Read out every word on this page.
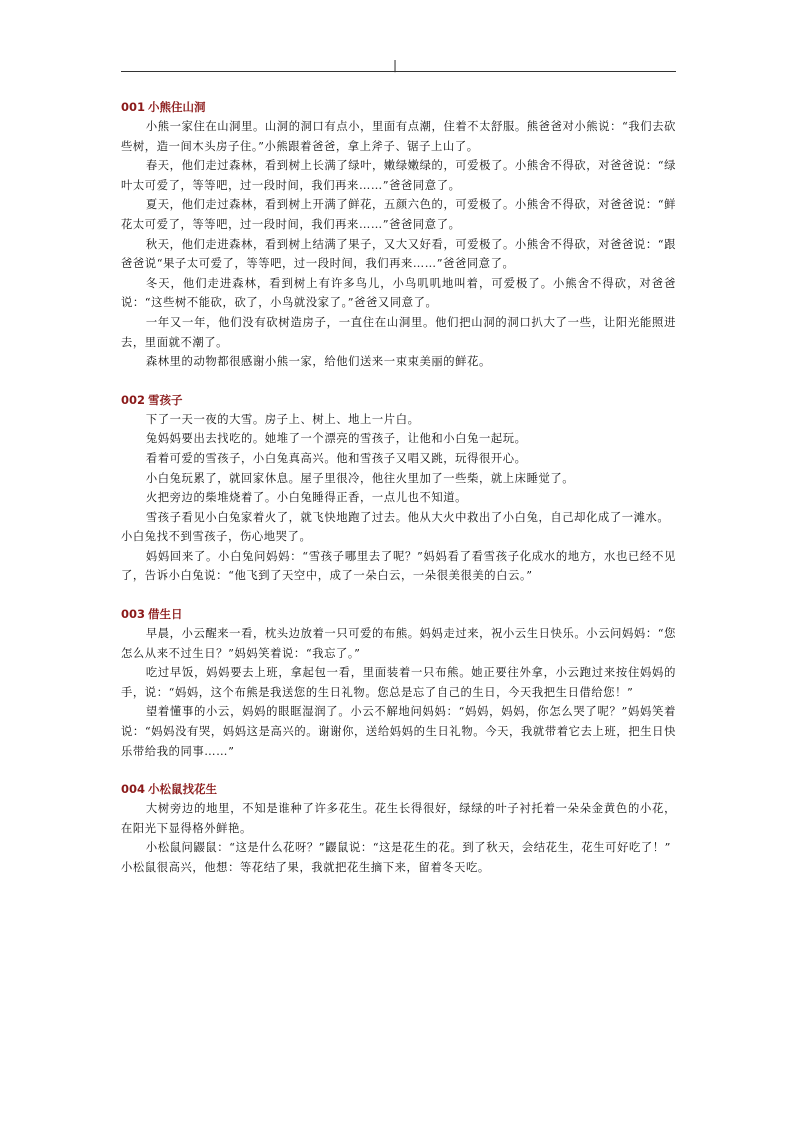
|
001 小熊住山洞

小熊一家住在山洞里。山洞的洞口有点小，里面有点潮，住着不太舒服。熊爸爸对小熊说：“我们去砍些树，造一间木头房子住。”小熊跟着爸爸，拿上斧子、锯子上山了。

春天，他们走过森林，看到树上长满了绿叶，嫩绿嫩绿的，可爱极了。小熊舍不得砍，对爸爸说：“绿叶太可爱了，等等吧，过一段时间，我们再来……”爸爸同意了。

夏天，他们走过森林，看到树上开满了鲜花，五颜六色的，可爱极了。小熊舍不得砍，对爸爸说：“鲜花太可爱了，等等吧，过一段时间，我们再来……”爸爸同意了。

秋天，他们走进森林，看到树上结满了果子，又大又好看，可爱极了。小熊舍不得砍，对爸爸说：“跟爸爸说“果子太可爱了，等等吧，过一段时间，我们再来……”爸爸同意了。

冬天，他们走进森林，看到树上有许多鸟儿，小鸟叽叽地叫着，可爱极了。小熊舍不得砍，对爸爸说：“这些树不能砍，砍了，小鸟就没家了。”爸爸又同意了。

一年又一年，他们没有砍树造房子，一直住在山洞里。他们把山洞的洞口扒大了一些，让阳光能照进去，里面就不潮了。

森林里的动物都很感谢小熊一家，给他们送来一束束美丽的鲜花。

002 雪孩子

下了一天一夜的大雪。房子上、树上、地上一片白。

兔妈妈要出去找吃的。她堆了一个漂亮的雪孩子，让他和小白兔一起玩。

看着可爱的雪孩子，小白兔真高兴。他和雪孩子又唱又跳，玩得很开心。

小白兔玩累了，就回家休息。屋子里很冷，他往火里加了一些柴，就上床睡觉了。

火把旁边的柴堆烧着了。小白兔睡得正香，一点儿也不知道。

雪孩子看见小白兔家着火了，就飞快地跑了过去。他从大火中救出了小白兔，自己却化成了一滩水。

小白兔找不到雪孩子，伤心地哭了。

妈妈回来了。小白兔问妈妈：“雪孩子哪里去了呢？”妈妈看了看雪孩子化成水的地方，水也已经不见了，告诉小白兔说：“他飞到了天空中，成了一朵白云，一朵很美很美的白云。”

003 借生日

早晨，小云醒来一看，枕头边放着一只可爱的布熊。妈妈走过来，祝小云生日快乐。小云问妈妈：“您怎么从来不过生日？”妈妈笑着说：“我忘了。”

吃过早饭，妈妈要去上班，拿起包一看，里面装着一只布熊。她正要往外拿，小云跑过来按住妈妈的手，说：“妈妈，这个布熊是我送您的生日礼物。您总是忘了自己的生日，今天我把生日借给您！”

望着懂事的小云，妈妈的眼眶湿润了。小云不解地问妈妈：“妈妈，妈妈，你怎么哭了呢？”妈妈笑着说：“妈妈没有哭，妈妈这是高兴的。谢谢你，送给妈妈的生日礼物。今天，我就带着它去上班，把生日快乐带给我的同事……”

004 小松鼠找花生

大树旁边的地里，不知是谁种了许多花生。花生长得很好，绿绿的叶子衬托着一朵朵金黄色的小花，在阳光下显得格外鲜艳。

小松鼠问鼹鼠：“这是什么花呀？”鼹鼠说：“这是花生的花。到了秋天，会结花生，花生可好吃了！”

小松鼠很高兴，他想：等花结了果，我就把花生摘下来，留着冬天吃。
